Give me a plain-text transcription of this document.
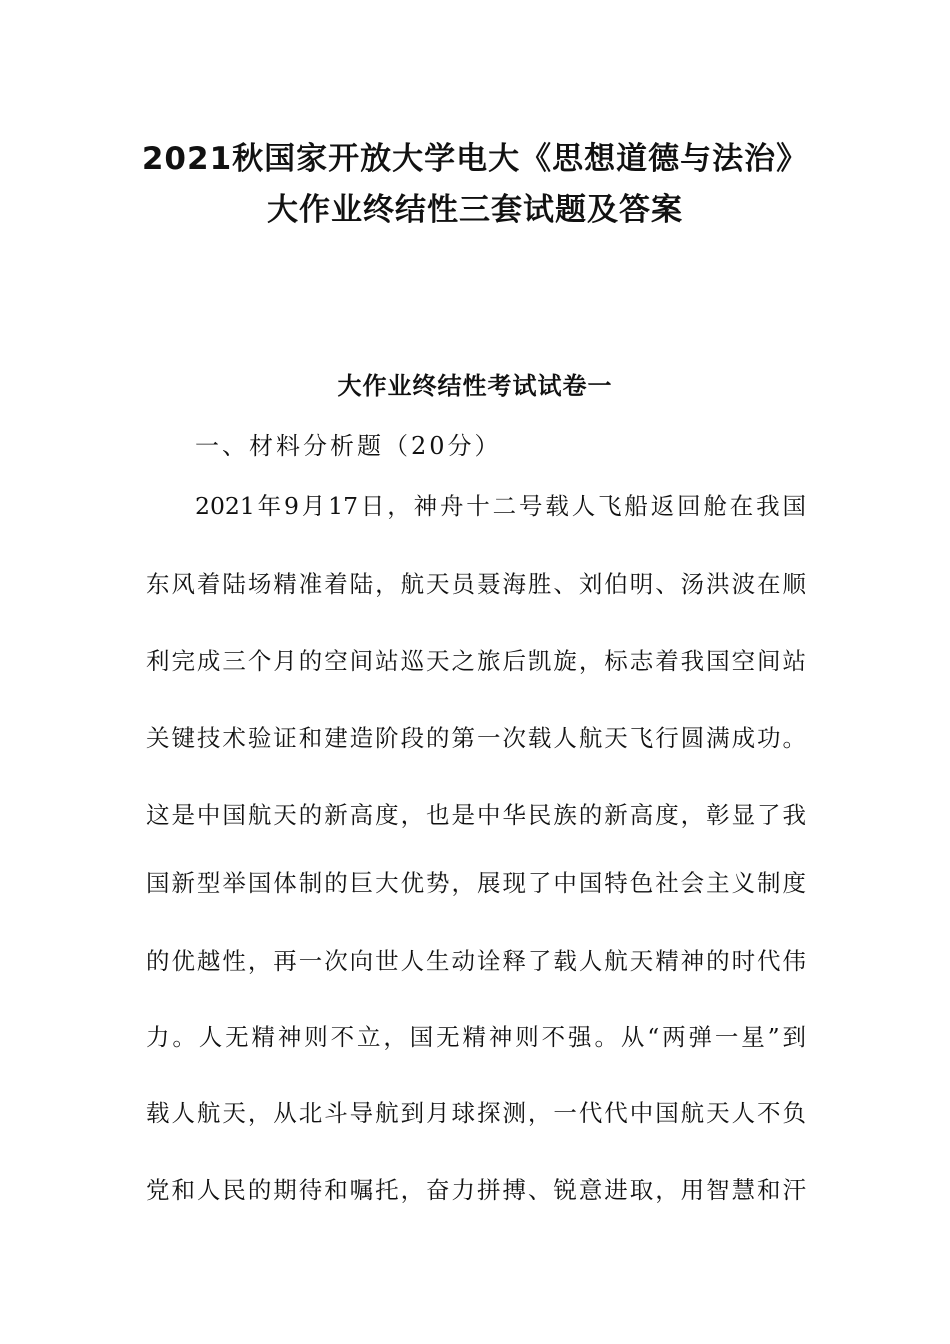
2021秋国家开放大学电大《思想道德与法治》
大作业终结性三套试题及答案
大作业终结性考试试卷一
一、材料分析题（20分）
2021年9月17日，神舟十二号载人飞船返回舱在我国
东风着陆场精准着陆，航天员聂海胜、刘伯明、汤洪波在顺
利完成三个月的空间站巡天之旅后凯旋，标志着我国空间站
关键技术验证和建造阶段的第一次载人航天飞行圆满成功。
这是中国航天的新高度，也是中华民族的新高度，彰显了我
国新型举国体制的巨大优势，展现了中国特色社会主义制度
的优越性，再一次向世人生动诠释了载人航天精神的时代伟
力。人无精神则不立，国无精神则不强。从“两弹一星”到
载人航天，从北斗导航到月球探测，一代代中国航天人不负
党和人民的期待和嘱托，奋力拼搏、锐意进取，用智慧和汗
